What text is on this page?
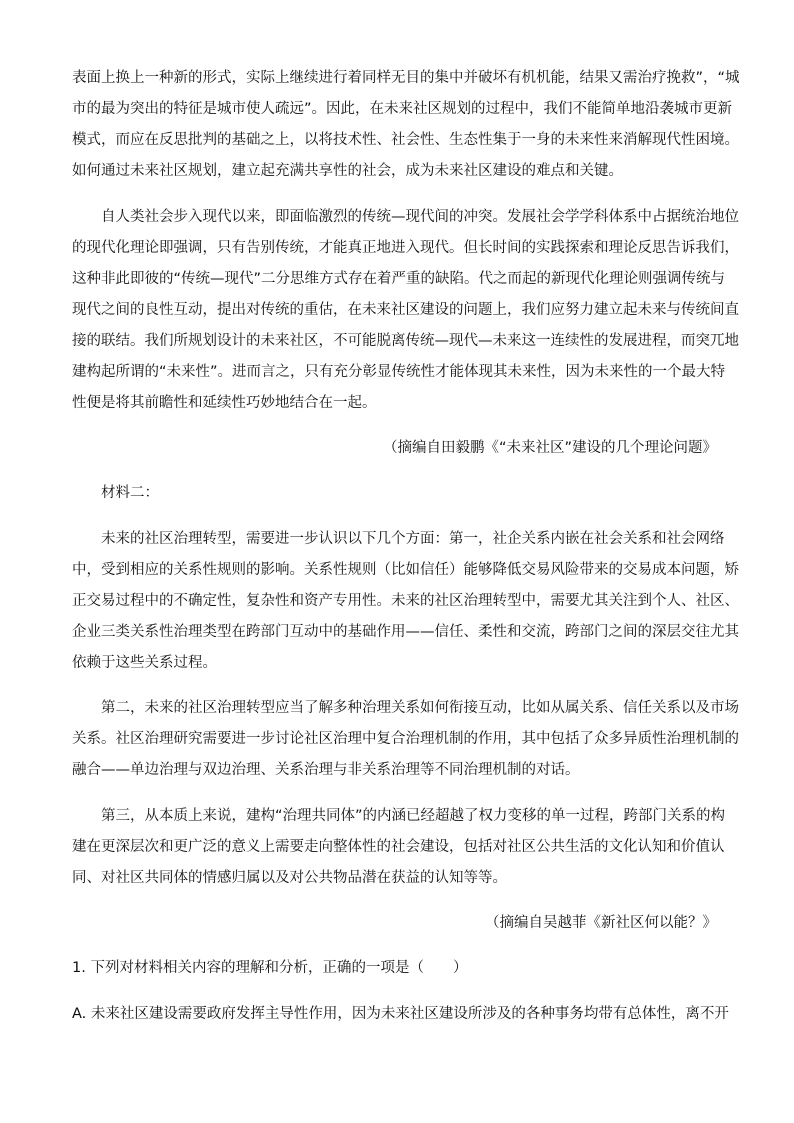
表面上换上一种新的形式，实际上继续进行着同样无目的集中并破坏有机机能，结果又需治疗挽救”，“城
市的最为突出的特征是城市使人疏远”。因此，在未来社区规划的过程中，我们不能简单地沿袭城市更新
模式，而应在反思批判的基础之上，以将技术性、社会性、生态性集于一身的未来性来消解现代性困境。
如何通过未来社区规划，建立起充满共享性的社会，成为未来社区建设的难点和关键。
自人类社会步入现代以来，即面临激烈的传统—现代间的冲突。发展社会学学科体系中占据统治地位
的现代化理论即强调，只有告别传统，才能真正地进入现代。但长时间的实践探索和理论反思告诉我们，
这种非此即彼的“传统—现代”二分思维方式存在着严重的缺陷。代之而起的新现代化理论则强调传统与
现代之间的良性互动，提出对传统的重估，在未来社区建设的问题上，我们应努力建立起未来与传统间直
接的联结。我们所规划设计的未来社区，不可能脱离传统—现代—未来这一连续性的发展进程，而突兀地
建构起所谓的“未来性”。进而言之，只有充分彰显传统性才能体现其未来性，因为未来性的一个最大特
性便是将其前瞻性和延续性巧妙地结合在一起。
（摘编自田毅鹏《“未来社区”建设的几个理论问题》
材料二：
未来的社区治理转型，需要进一步认识以下几个方面：第一，社企关系内嵌在社会关系和社会网络
中，受到相应的关系性规则的影响。关系性规则（比如信任）能够降低交易风险带来的交易成本问题，矫
正交易过程中的不确定性，复杂性和资产专用性。未来的社区治理转型中，需要尤其关注到个人、社区、
企业三类关系性治理类型在跨部门互动中的基础作用——信任、柔性和交流，跨部门之间的深层交往尤其
依赖于这些关系过程。
第二，未来的社区治理转型应当了解多种治理关系如何衔接互动，比如从属关系、信任关系以及市场
关系。社区治理研究需要进一步讨论社区治理中复合治理机制的作用，其中包括了众多异质性治理机制的
融合——单边治理与双边治理、关系治理与非关系治理等不同治理机制的对话。
第三，从本质上来说，建构“治理共同体”的内涵已经超越了权力变移的单一过程，跨部门关系的构
建在更深层次和更广泛的意义上需要走向整体性的社会建设，包括对社区公共生活的文化认知和价值认
同、对社区共同体的情感归属以及对公共物品潜在获益的认知等等。
（摘编自吴越菲《新社区何以能？》
1. 下列对材料相关内容的理解和分析，正确的一项是（　　）
A. 未来社区建设需要政府发挥主导性作用，因为未来社区建设所涉及的各种事务均带有总体性，离不开
